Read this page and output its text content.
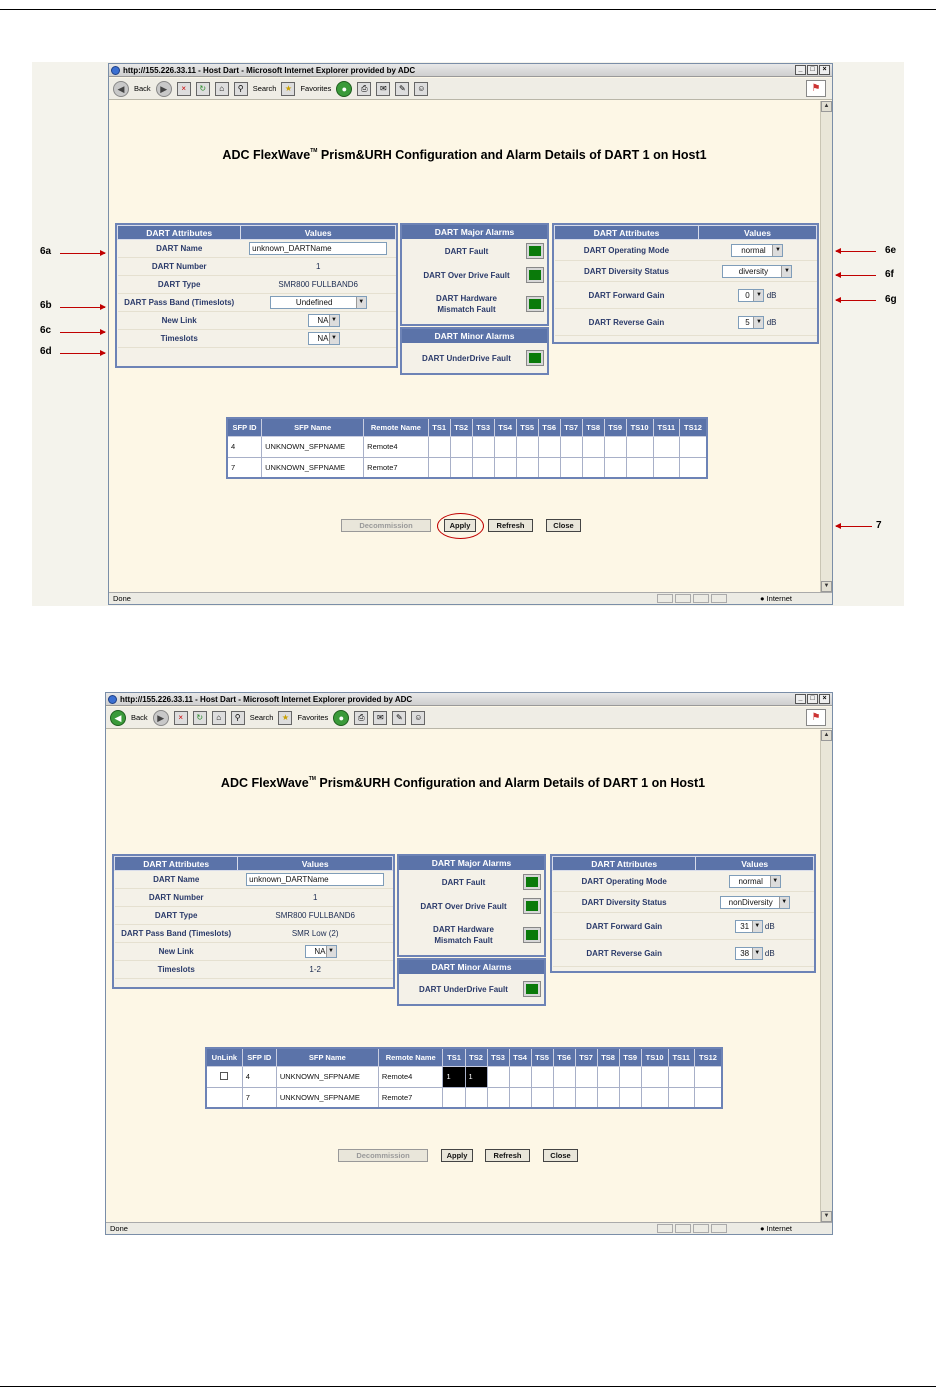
http://155.226.33.11 - Host Dart - Microsoft Internet Explorer provided by ADC	_	□	×
◀	Back	▶	×	↻	⌂	⚲	Search	★	Favorites	●	⎙	✉	✎	☺	⚑
ADC FlexWave™ Prism&URH Configuration and Alarm Details of DART 1 on Host1
DART Attributes	Values
DART Name	unknown_DARTName
DART Number	1
DART Type	SMR800 FULLBAND6
DART Pass Band (Timeslots)	Undefined ▼

New Link	NA ▼

Timeslots	NA ▼
DART Major Alarms
DART Fault
DART Over Drive Fault
DART Hardware
Mismatch Fault
DART Minor Alarms
DART UnderDrive Fault
DART Attributes	Values
DART Operating Mode	normal ▼

DART Diversity Status	diversity ▼

DART Forward Gain	0 ▼ dB
DART Reverse Gain	5 ▼ dB
SFP ID	SFP Name	Remote Name	TS1	TS2	TS3	TS4	TS5	TS6	TS7	TS8	TS9	TS10	TS11	TS12
4	UNKNOWN_SFPNAME	Remote4												
7	UNKNOWN_SFPNAME	Remote7												
Decommission	Apply	Refresh	Close
▲
▼
Done	● Internet
6a
6b
6c
6d
6e
6f
6g
7
http://155.226.33.11 - Host Dart - Microsoft Internet Explorer provided by ADC	_	□	×
◀	Back	▶	×	↻	⌂	⚲	Search	★	Favorites	●	⎙	✉	✎	☺	⚑
ADC FlexWave™ Prism&URH Configuration and Alarm Details of DART 1 on Host1
DART Attributes	Values
DART Name	unknown_DARTName
DART Number	1
DART Type	SMR800 FULLBAND6
DART Pass Band (Timeslots)	SMR Low (2)
New Link	NA ▼

Timeslots	1-2
DART Major Alarms
DART Fault
DART Over Drive Fault
DART Hardware
Mismatch Fault
DART Minor Alarms
DART UnderDrive Fault
DART Attributes	Values
DART Operating Mode	normal ▼

DART Diversity Status	nonDiversity ▼

DART Forward Gain	31 ▼ dB
DART Reverse Gain	38 ▼ dB
UnLink	SFP ID	SFP Name	Remote Name	TS1	TS2	TS3	TS4	TS5	TS6	TS7	TS8	TS9	TS10	TS11	TS12
	4	UNKNOWN_SFPNAME	Remote4	1	1										
	7	UNKNOWN_SFPNAME	Remote7												
Decommission	Apply	Refresh	Close
▲
▼
Done	● Internet
